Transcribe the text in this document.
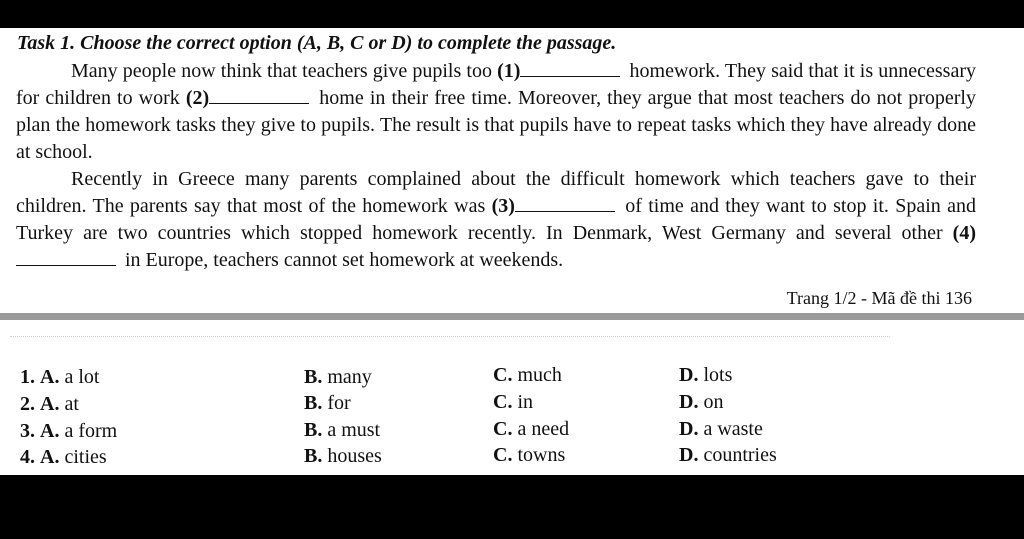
Task 1. Choose the correct option (A, B, C or D) to complete the passage.

Many people now think that teachers give pupils too (1)	homework. They said that it is unnecessary for children to work (2)	home in their free time. Moreover, they argue that most teachers do not properly plan the homework tasks they give to pupils. The result is that pupils have to repeat tasks which they have already done at school.

Recently in Greece many parents complained about the difficult homework which teachers gave to their children. The parents say that most of the homework was (3)	of time and they want to stop it. Spain and Turkey are two countries which stopped homework recently. In Denmark, West Germany and several other (4) in Europe, teachers cannot set homework at weekends.

Trang 1/2 - Mã đề thi 136
1. A. a lot	B. many	C. much	D. lots
2. A. at	B. for	C. in	D. on
3. A. a form	B. a must	C. a need	D. a waste
4. A. cities	B. houses	C. towns	D. countries
